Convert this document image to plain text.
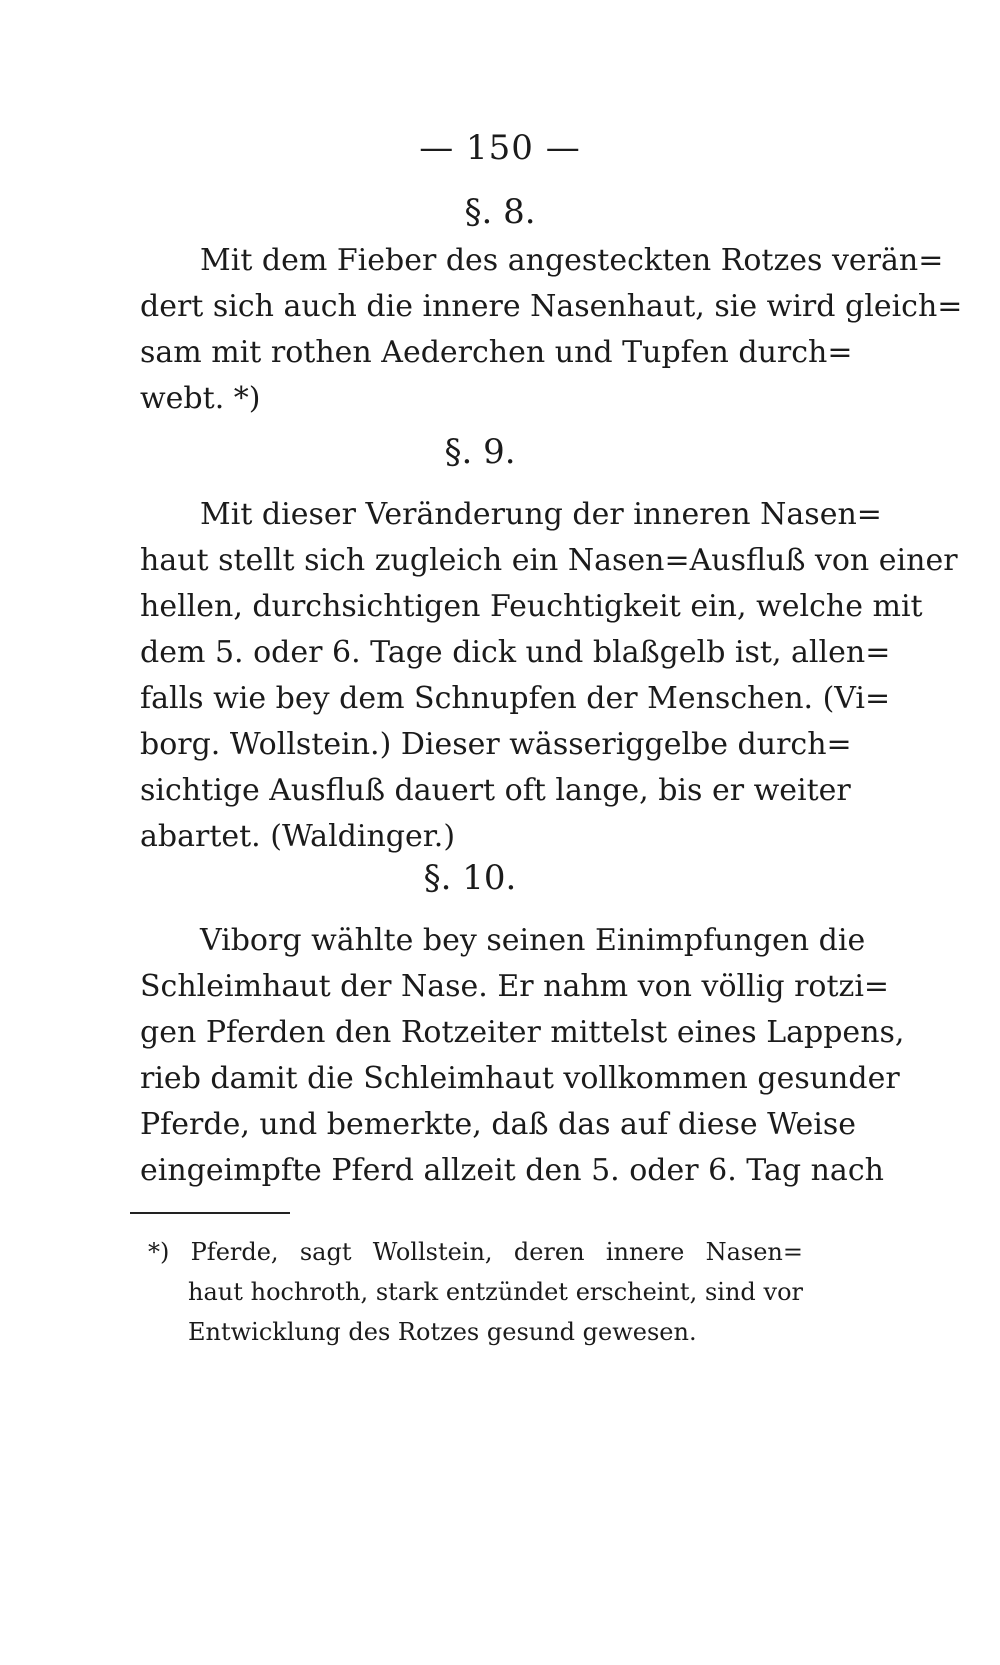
— 150 —
§. 8.
Mit dem Fieber des angesteckten Rotzes verän=
dert sich auch die innere Nasenhaut, sie wird gleich=
sam mit rothen Aederchen und Tupfen durch=
webt. *)
§. 9.
Mit dieser Veränderung der inneren Nasen=
haut stellt sich zugleich ein Nasen=Ausfluß von einer
hellen, durchsichtigen Feuchtigkeit ein, welche mit
dem 5. oder 6. Tage dick und blaßgelb ist, allen=
falls wie bey dem Schnupfen der Menschen. (Vi=
borg. Wollstein.) Dieser wässeriggelbe durch=
sichtige Ausfluß dauert oft lange, bis er weiter
abartet. (Waldinger.)
§. 10.
Viborg wählte bey seinen Einimpfungen die
Schleimhaut der Nase. Er nahm von völlig rotzi=
gen Pferden den Rotzeiter mittelst eines Lappens,
rieb damit die Schleimhaut vollkommen gesunder
Pferde, und bemerkte, daß das auf diese Weise
eingeimpfte Pferd allzeit den 5. oder 6. Tag nach
*) Pferde, sagt Wollstein, deren innere Nasen=
haut hochroth, stark entzündet erscheint, sind vor
Entwicklung des Rotzes gesund gewesen.
